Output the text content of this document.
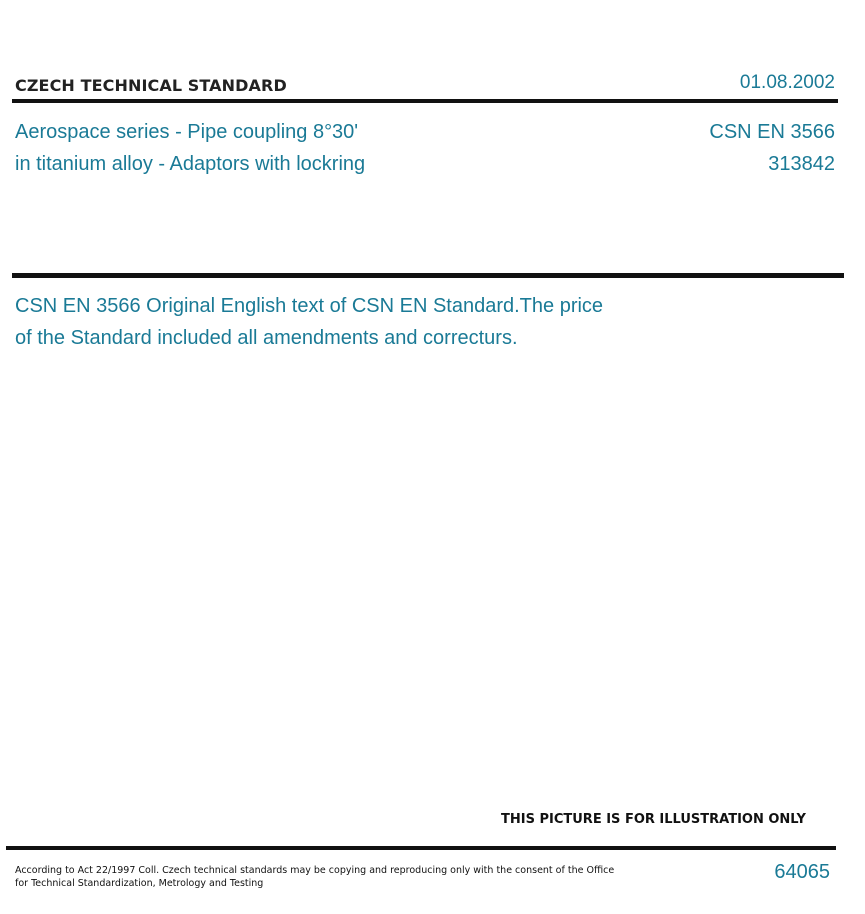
CZECH TECHNICAL STANDARD	01.08.2002
Aerospace series - Pipe coupling 8°30'
in titanium alloy - Adaptors with lockring
CSN EN 3566
313842
CSN EN 3566 Original English text of CSN EN Standard.The price
of the Standard included all amendments and correcturs.
THIS PICTURE IS FOR ILLUSTRATION ONLY
According to Act 22/1997 Coll. Czech technical standards may be copying and reproducing only with the consent of the Office
for Technical Standardization, Metrology and Testing
64065
